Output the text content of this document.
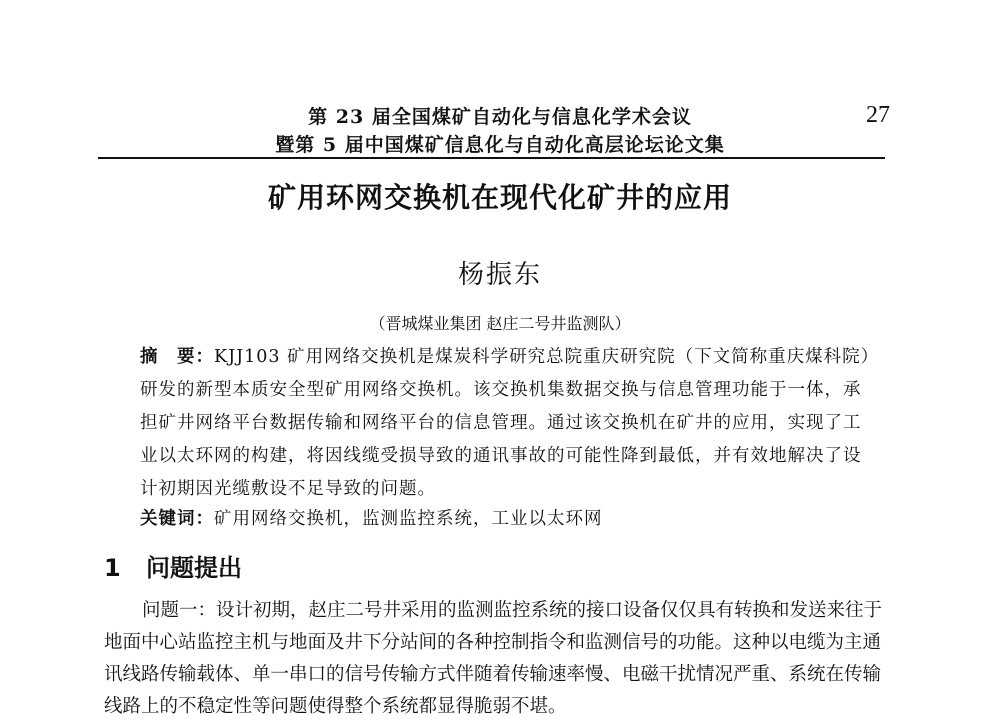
第 23 届全国煤矿自动化与信息化学术会议
暨第 5 届中国煤矿信息化与自动化高层论坛论文集
27
矿用环网交换机在现代化矿井的应用
杨振东
（晋城煤业集团 赵庄二号井监测队）
摘　要：KJJ103 矿用网络交换机是煤炭科学研究总院重庆研究院（下文简称重庆煤科院）研发的新型本质安全型矿用网络交换机。该交换机集数据交换与信息管理功能于一体，承担矿井网络平台数据传输和网络平台的信息管理。通过该交换机在矿井的应用，实现了工业以太环网的构建，将因线缆受损导致的通讯事故的可能性降到最低，并有效地解决了设计初期因光缆敷设不足导致的问题。
关键词：矿用网络交换机，监测监控系统，工业以太环网
1 问题提出
问题一：设计初期，赵庄二号井采用的监测监控系统的接口设备仅仅具有转换和发送来往于地面中心站监控主机与地面及井下分站间的各种控制指令和监测信号的功能。这种以电缆为主通讯线路传输载体、单一串口的信号传输方式伴随着传输速率慢、电磁干扰情况严重、系统在传输线路上的不稳定性等问题使得整个系统都显得脆弱不堪。
